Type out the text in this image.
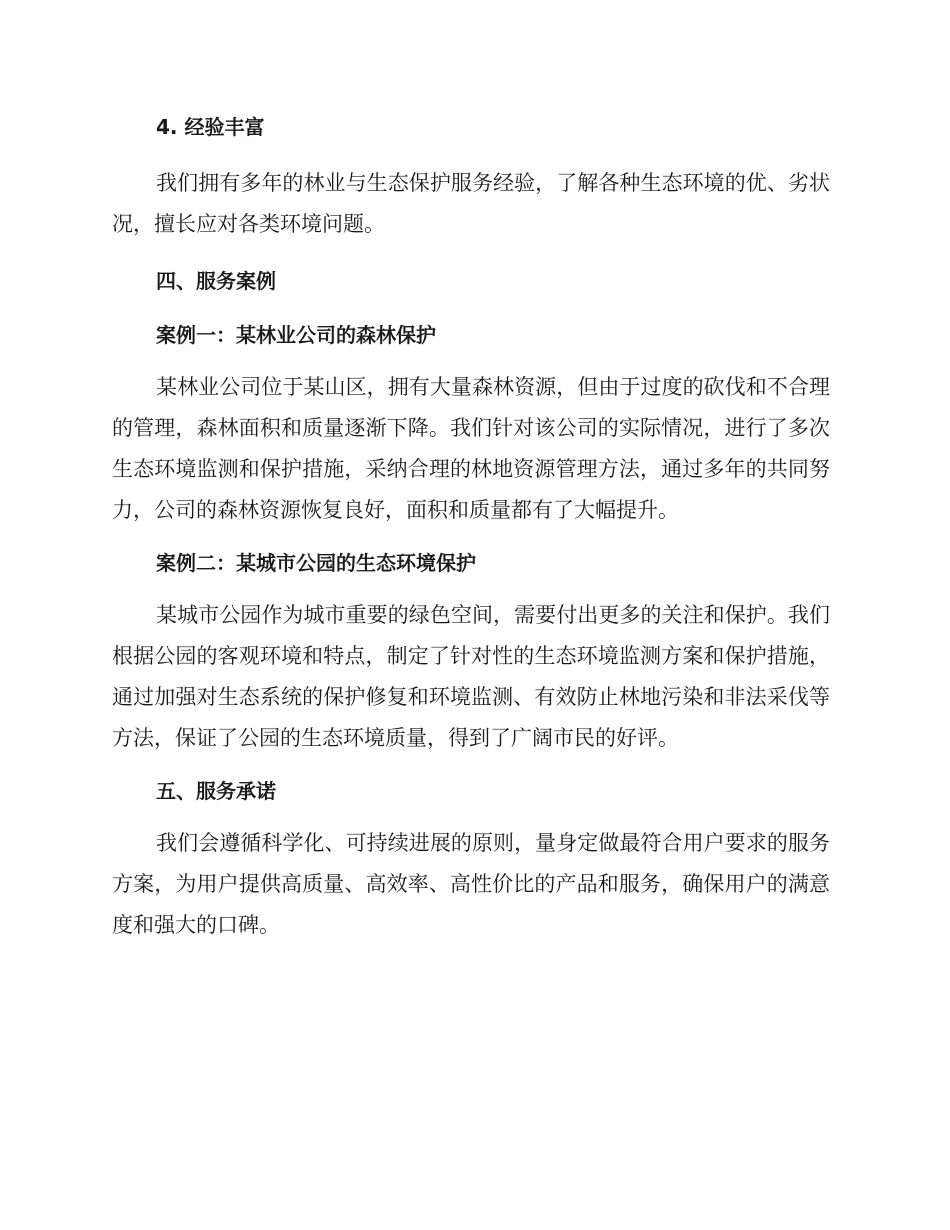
4. 经验丰富

我们拥有多年的林业与生态保护服务经验，了解各种生态环境的优、劣状况，擅长应对各类环境问题。

四、服务案例
案例一：某林业公司的森林保护

某林业公司位于某山区，拥有大量森林资源，但由于过度的砍伐和不合理的管理，森林面积和质量逐渐下降。我们针对该公司的实际情况，进行了多次生态环境监测和保护措施，采纳合理的林地资源管理方法，通过多年的共同努力，公司的森林资源恢复良好，面积和质量都有了大幅提升。

案例二：某城市公园的生态环境保护

某城市公园作为城市重要的绿色空间，需要付出更多的关注和保护。我们根据公园的客观环境和特点，制定了针对性的生态环境监测方案和保护措施，通过加强对生态系统的保护修复和环境监测、有效防止林地污染和非法采伐等方法，保证了公园的生态环境质量，得到了广阔市民的好评。

五、服务承诺

我们会遵循科学化、可持续进展的原则，量身定做最符合用户要求的服务方案，为用户提供高质量、高效率、高性价比的产品和服务，确保用户的满意度和强大的口碑。
